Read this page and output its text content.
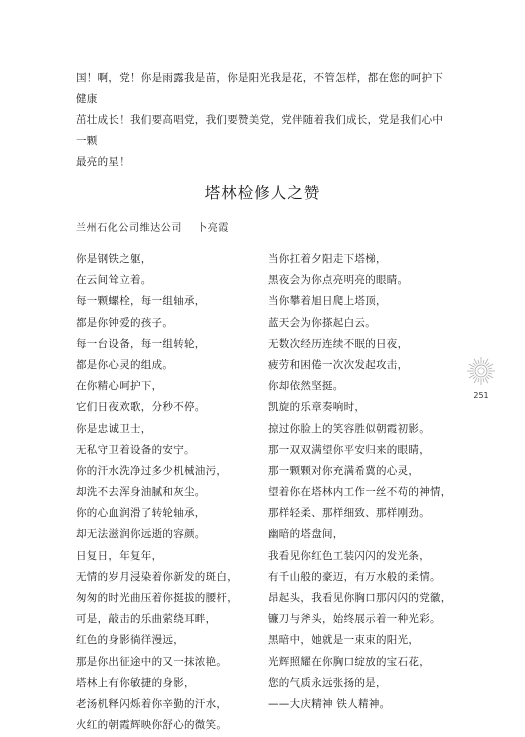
国！啊，党！你是雨露我是苗，你是阳光我是花，不管怎样，都在您的呵护下健康

茁壮成长！我们要高唱党，我们要赞美党，党伴随着我们成长，党是我们心中一颗

最亮的星！

塔林检修人之赞
兰州石化公司维达公司    卜亮霞
你是钢铁之躯，
在云间耸立着。
每一颗螺栓，每一组轴承，
都是你钟爱的孩子。
每一台设备，每一组转轮，
都是你心灵的组成。
在你精心呵护下，
它们日夜欢歌，分秒不停。
你是忠诚卫士，
无私守卫着设备的安宁。
你的汗水洗净过多少机械油污，
却洗不去浑身油腻和灰尘。
你的心血润滑了转轮轴承，
却无法滋润你远逝的容颜。
日复日，年复年，
无情的岁月浸染着你新发的斑白，
匆匆的时光曲压着你挺拔的腰杆，
可是，敲击的乐曲萦绕耳畔，
红色的身影徜徉漫远，
那是你出征途中的又一抹浓艳。
塔林上有你敏捷的身影，
老汤机释闪烁着你辛勤的汗水，
火红的朝霞辉映你舒心的微笑。
当你扛着夕阳走下塔梯，
黑夜会为你点亮明亮的眼睛。
当你攀着旭日爬上塔顶，
蓝天会为你搽起白云。
无数次经历连续不眠的日夜，
疲劳和困倦一次次发起攻击，
你却依然坚挺。
凯旋的乐章奏响时，
掠过你脸上的笑容胜似朝霞初影。
那一双双满望你平安归来的眼睛，
那一颗颗对你充满希冀的心灵，
望着你在塔林内工作一丝不苟的神情，
那样轻柔、那样细致、那样刚劲。
幽暗的塔盘间，
我看见你红色工装闪闪的发光条，
有千山般的豪迈，有万水般的柔情。
昂起头，我看见你胸口那闪闪的党徽，
镰刀与斧头，始终展示着一种光彩。
黑暗中，她就是一束束的阳光，
光辉照耀在你胸口绽放的宝石花，
您的气质永远张扬的是，
——大庆精神 铁人精神。
251
